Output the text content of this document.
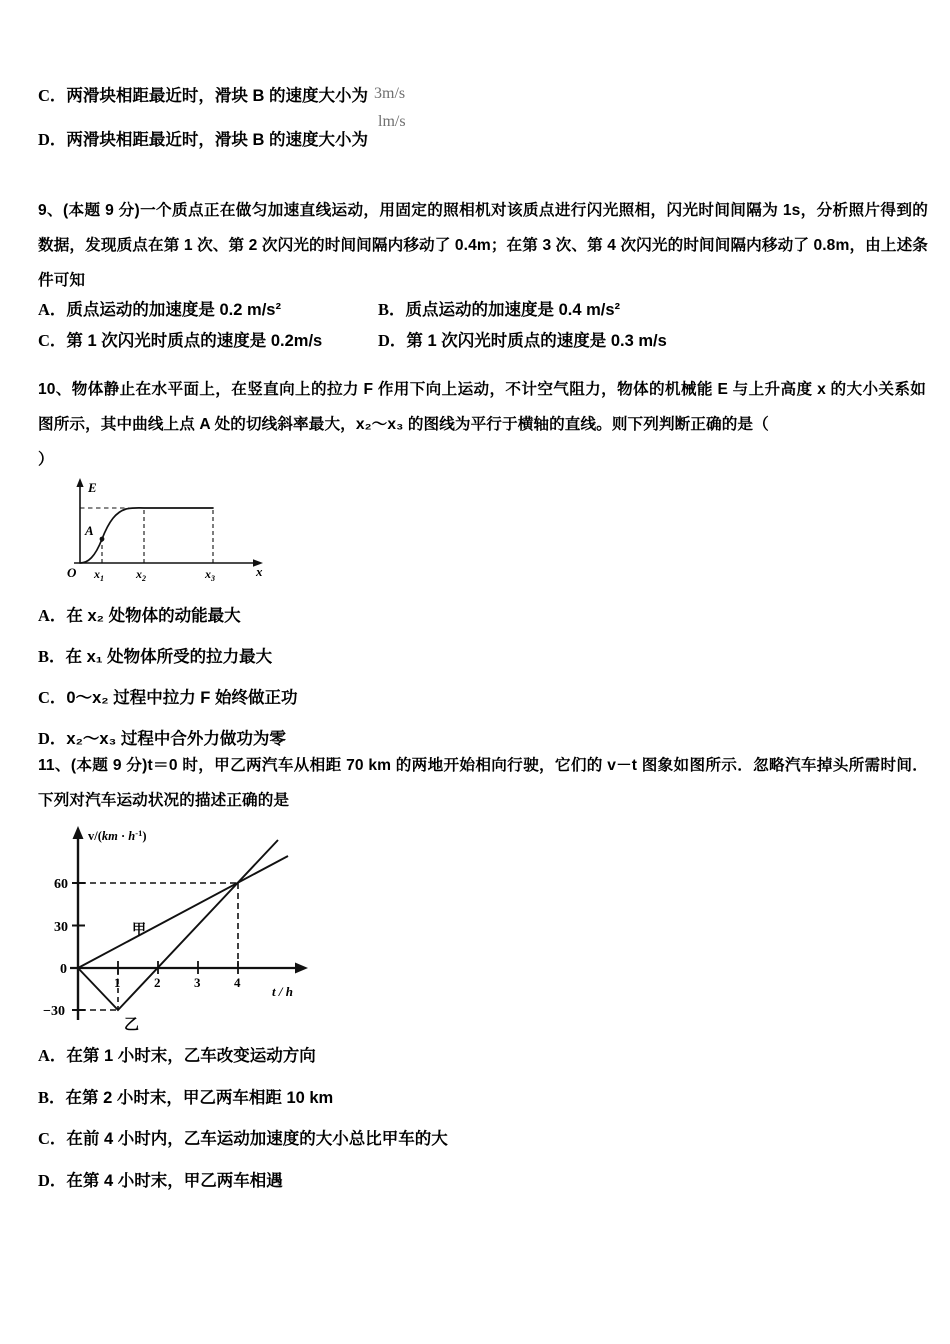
C．两滑块相距最近时，滑块 B 的速度大小为 3m/s
D．两滑块相距最近时，滑块 B 的速度大小为
lm/s
9、(本题 9 分)一个质点正在做匀加速直线运动，用固定的照相机对该质点进行闪光照相，闪光时间间隔为 1s，分析照片得到的数据，发现质点在第 1 次、第 2 次闪光的时间间隔内移动了 0.4m；在第 3 次、第 4 次闪光的时间间隔内移动了 0.8m，由上述条件可知
A．质点运动的加速度是 0.2 m/s²	B．质点运动的加速度是 0.4 m/s²
C．第 1 次闪光时质点的速度是 0.2m/s	D．第 1 次闪光时质点的速度是 0.3 m/s
10、物体静止在水平面上，在竖直向上的拉力 F 作用下向上运动，不计空气阻力，物体的机械能 E 与上升高度 x 的大小关系如图所示，其中曲线上点 A 处的切线斜率最大，x₂～x₃ 的图线为平行于横轴的直线。则下列判断正确的是（
）
E
O	x
A
$x_1$	$x_2$	$x_3$
A．在 x₂ 处物体的动能最大
B．在 x₁ 处物体所受的拉力最大
C．0～x₂ 过程中拉力 F 始终做正功
D．x₂～x₃ 过程中合外力做功为零
11、(本题 9 分)t＝0 时，甲乙两汽车从相距 70 km 的两地开始相向行驶，它们的 v－t 图象如图所示．忽略汽车掉头所需时间．下列对汽车运动状况的描述正确的是
$v/(km \cdot h^{-1})$
t / h
60
30
0
−30
1	2	3	4
甲
乙
A．在第 1 小时末，乙车改变运动方向
B．在第 2 小时末，甲乙两车相距 10 km
C．在前 4 小时内，乙车运动加速度的大小总比甲车的大
D．在第 4 小时末，甲乙两车相遇
